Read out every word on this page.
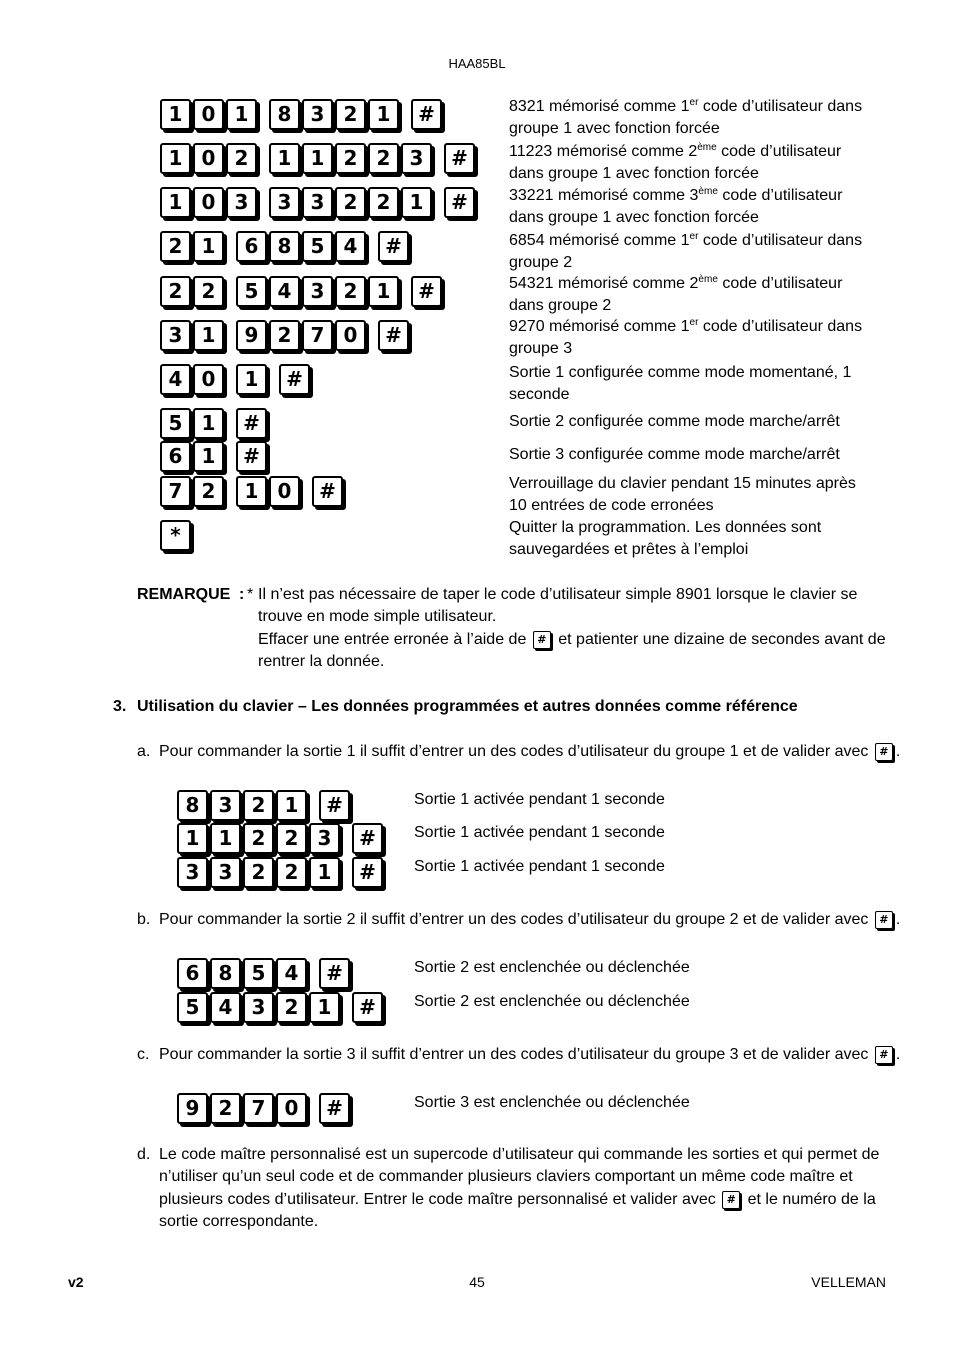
HAA85BL
1 0 1	8 3 2 1	#	8321 mémorisé comme 1er code d’utilisateur dans
groupe 1 avec fonction forcée
1 0 2	1 1 2 2 3	#	11223 mémorisé comme 2ème code d’utilisateur
dans groupe 1 avec fonction forcée
1 0 3	3 3 2 2 1	#	33221 mémorisé comme 3ème code d’utilisateur
dans groupe 1 avec fonction forcée
2 1	6 8 5 4	#	6854 mémorisé comme 1er code d’utilisateur dans
groupe 2
2 2	5 4 3 2 1	#	54321 mémorisé comme 2ème code d’utilisateur
dans groupe 2
3 1	9 2 7 0	#	9270 mémorisé comme 1er code d’utilisateur dans
groupe 3
4 0	1	#	Sortie 1 configurée comme mode momentané, 1
seconde
5 1	#	Sortie 2 configurée comme mode marche/arrêt
6 1	#	Sortie 3 configurée comme mode marche/arrêt
7 2	1 0	#	Verrouillage du clavier pendant 15 minutes après
10 entrées de code erronées
*	Quitter la programmation. Les données sont
sauvegardées et prêtes à l’emploi
REMARQUE : * Il n’est pas nécessaire de taper le code d’utilisateur simple 8901 lorsque le clavier se
trouve en mode simple utilisateur.
Effacer une entrée erronée à l’aide de # et patienter une dizaine de secondes avant de
rentrer la donnée.
3. Utilisation du clavier – Les données programmées et autres données comme référence
a. Pour commander la sortie 1 il suffit d’entrer un des codes d’utilisateur du groupe 1 et de valider avec # .
8 3 2 1	#	Sortie 1 activée pendant 1 seconde
1 1 2 2 3	#	Sortie 1 activée pendant 1 seconde
3 3 2 2 1	#	Sortie 1 activée pendant 1 seconde
b. Pour commander la sortie 2 il suffit d’entrer un des codes d’utilisateur du groupe 2 et de valider avec # .
6 8 5 4	#	Sortie 2 est enclenchée ou déclenchée
5 4 3 2 1	#	Sortie 2 est enclenchée ou déclenchée
c. Pour commander la sortie 3 il suffit d’entrer un des codes d’utilisateur du groupe 3 et de valider avec # .
9 2 7 0	#	Sortie 3 est enclenchée ou déclenchée
d. Le code maître personnalisé est un supercode d’utilisateur qui commande les sorties et qui permet de
n’utiliser qu’un seul code et de commander plusieurs claviers comportant un même code maître et
plusieurs codes d’utilisateur. Entrer le code maître personnalisé et valider avec # et le numéro de la
sortie correspondante.
v2	45	VELLEMAN
